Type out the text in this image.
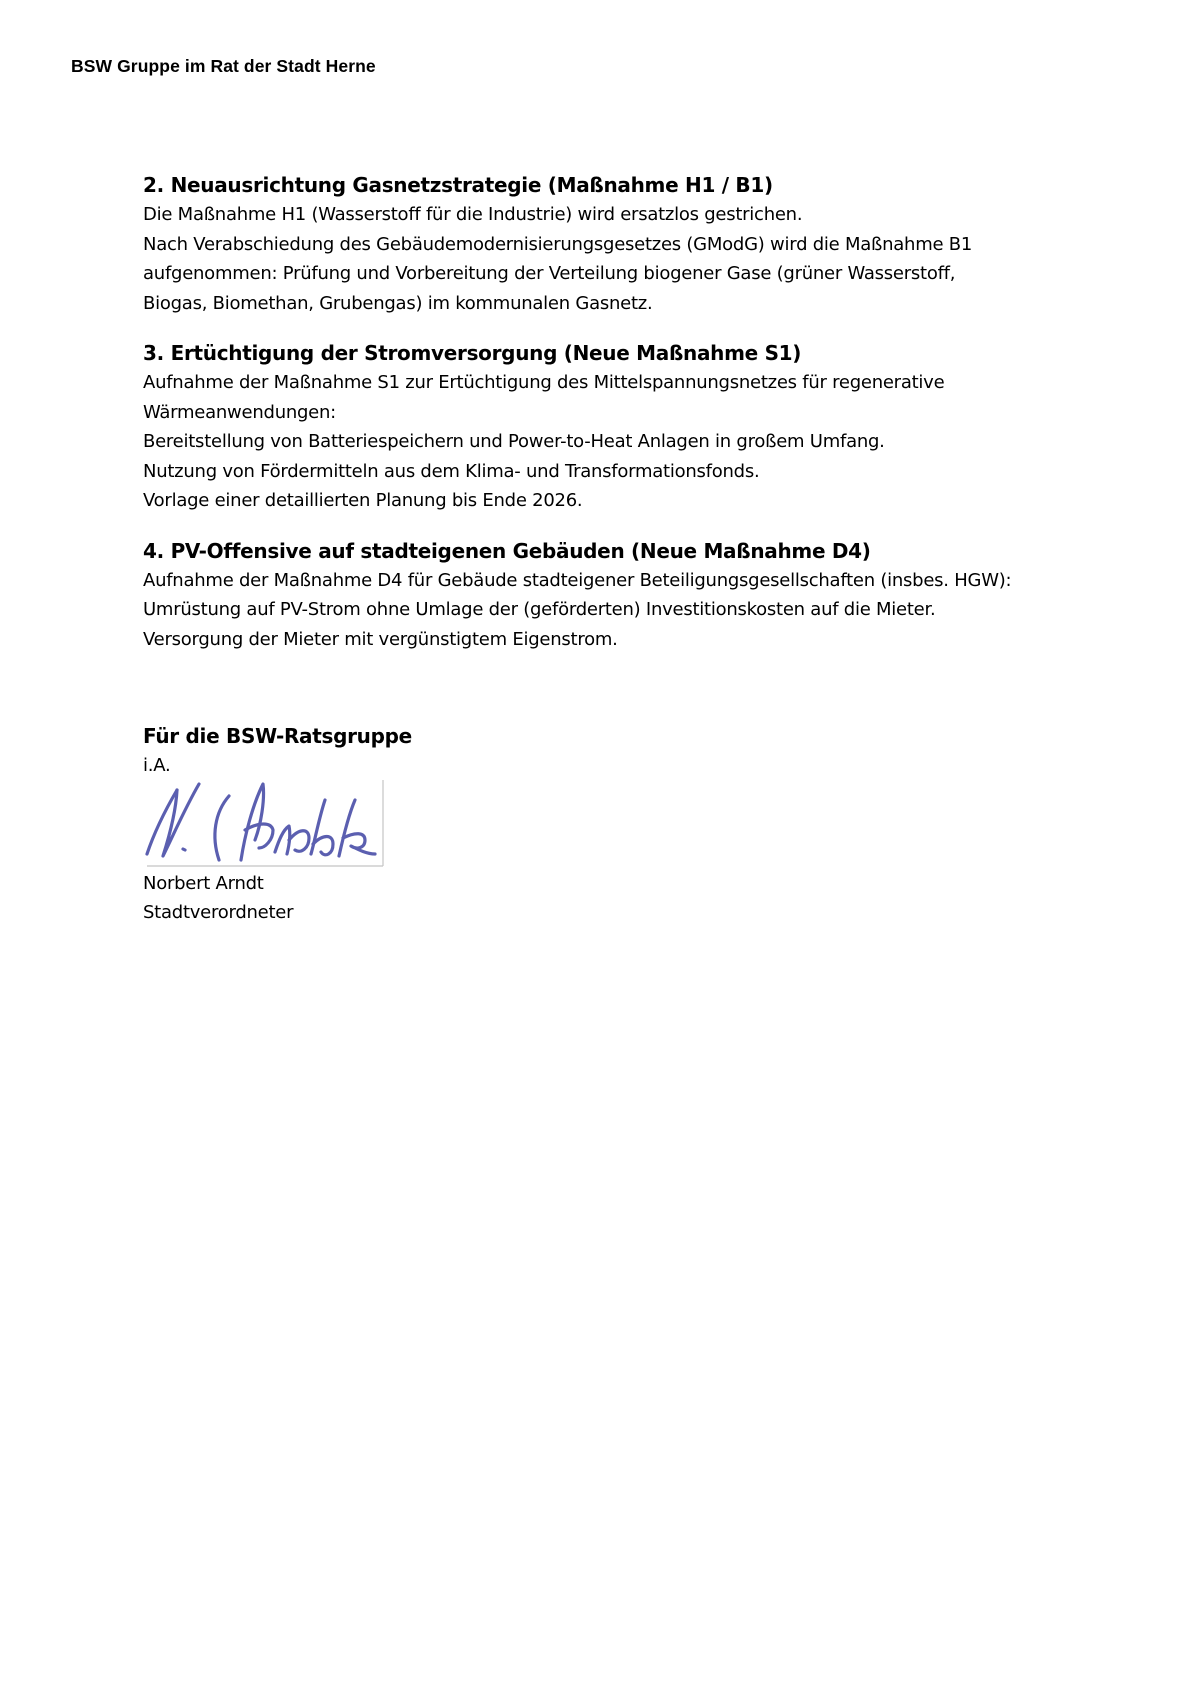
BSW Gruppe im Rat der Stadt Herne
2. Neuausrichtung Gasnetzstrategie (Maßnahme H1 / B1)
Die Maßnahme H1 (Wasserstoff für die Industrie) wird ersatzlos gestrichen.
Nach Verabschiedung des Gebäudemodernisierungsgesetzes (GModG) wird die Maßnahme B1
aufgenommen: Prüfung und Vorbereitung der Verteilung biogener Gase (grüner Wasserstoff,
Biogas, Biomethan, Grubengas) im kommunalen Gasnetz.
3. Ertüchtigung der Stromversorgung (Neue Maßnahme S1)
Aufnahme der Maßnahme S1 zur Ertüchtigung des Mittelspannungsnetzes für regenerative
Wärmeanwendungen:
Bereitstellung von Batteriespeichern und Power-to-Heat Anlagen in großem Umfang.
Nutzung von Fördermitteln aus dem Klima- und Transformationsfonds.
Vorlage einer detaillierten Planung bis Ende 2026.
4. PV-Offensive auf stadteigenen Gebäuden (Neue Maßnahme D4)
Aufnahme der Maßnahme D4 für Gebäude stadteigener Beteiligungsgesellschaften (insbes. HGW):
Umrüstung auf PV-Strom ohne Umlage der (geförderten) Investitionskosten auf die Mieter.
Versorgung der Mieter mit vergünstigtem Eigenstrom.
Für die BSW-Ratsgruppe
i.A.
Norbert Arndt
Stadtverordneter
